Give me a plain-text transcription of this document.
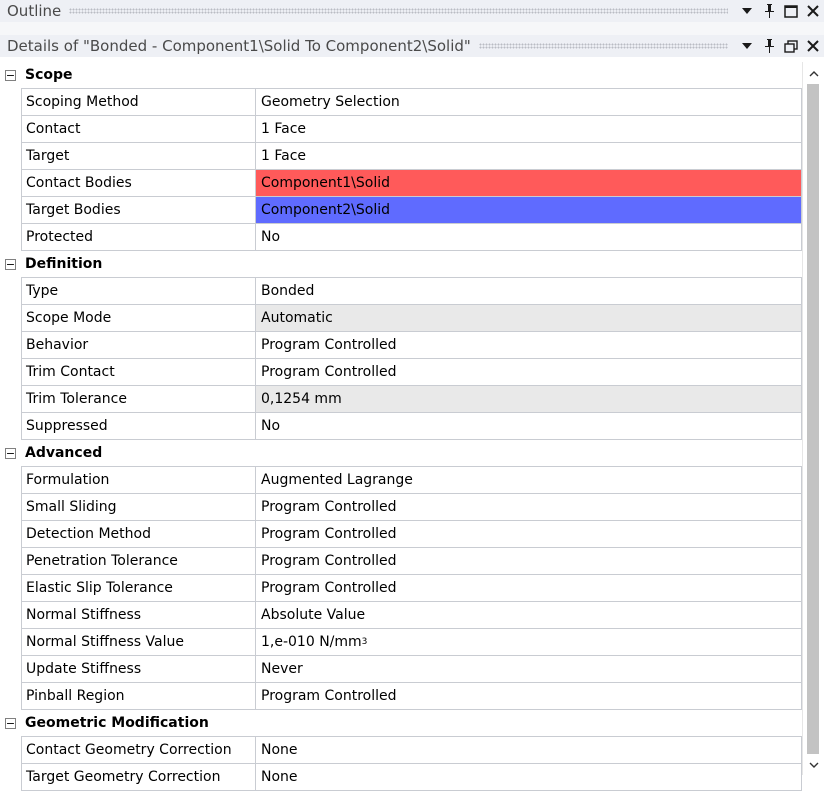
Outline
Details of "Bonded - Component1\Solid To Component2\Solid"
− Scope
Scoping Method	Geometry Selection
Contact	1 Face
Target	1 Face
Contact Bodies	Component1\Solid
Target Bodies	Component2\Solid
Protected	No
− Definition
Type	Bonded
Scope Mode	Automatic
Behavior	Program Controlled
Trim Contact	Program Controlled
Trim Tolerance	0,1254 mm
Suppressed	No
− Advanced
Formulation	Augmented Lagrange
Small Sliding	Program Controlled
Detection Method	Program Controlled
Penetration Tolerance	Program Controlled
Elastic Slip Tolerance	Program Controlled
Normal Stiffness	Absolute Value
Normal Stiffness Value	1,e-010 N/mm 3
Update Stiffness	Never
Pinball Region	Program Controlled
− Geometric Modification
Contact Geometry Correction	None
Target Geometry Correction	None
